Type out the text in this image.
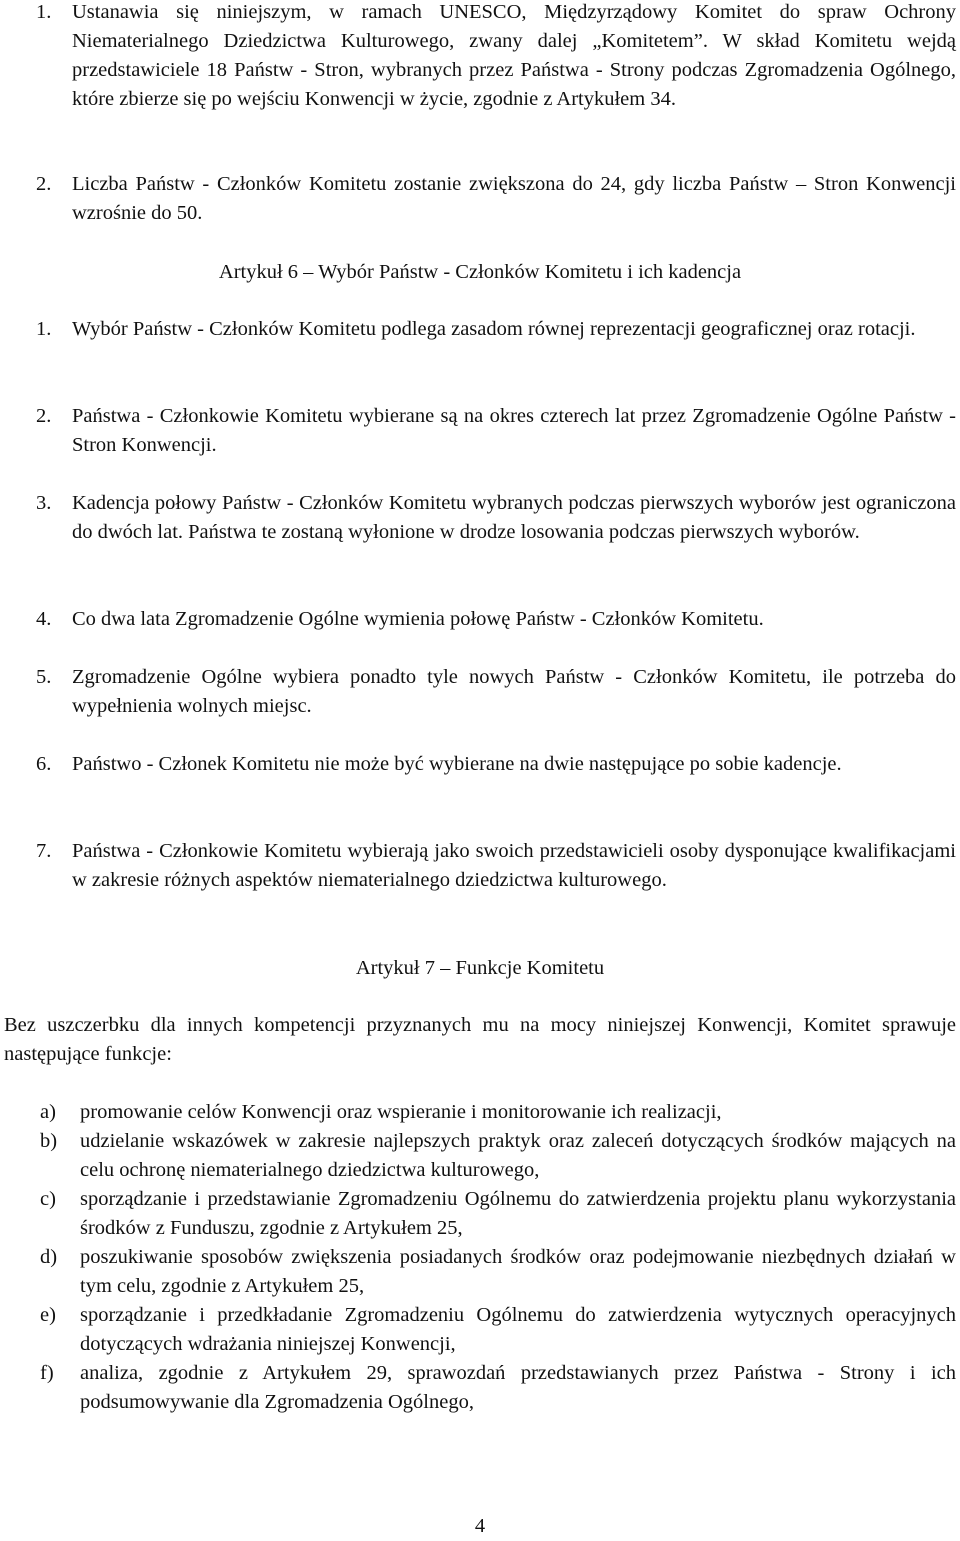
1.	Ustanawia się niniejszym, w ramach UNESCO, Międzyrządowy Komitet do spraw Ochrony Niematerialnego Dziedzictwa Kulturowego, zwany dalej „Komitetem”. W skład Komitetu wejdą przedstawiciele 18 Państw - Stron, wybranych przez Państwa - Strony podczas Zgromadzenia Ogólnego, które zbierze się po wejściu Konwencji w życie, zgodnie z Artykułem 34.
2.	Liczba Państw - Członków Komitetu zostanie zwiększona do 24, gdy liczba Państw – Stron Konwencji wzrośnie do 50.

Artykuł 6 – Wybór Państw - Członków Komitetu i ich kadencja

1.	Wybór Państw - Członków Komitetu podlega zasadom równej reprezentacji geograficznej oraz rotacji.
2.	Państwa - Członkowie Komitetu wybierane są na okres czterech lat przez Zgromadzenie Ogólne Państw - Stron Konwencji.
3.	Kadencja połowy Państw - Członków Komitetu wybranych podczas pierwszych wyborów jest ograniczona do dwóch lat. Państwa te zostaną wyłonione w drodze losowania podczas pierwszych wyborów.
4.	Co dwa lata Zgromadzenie Ogólne wymienia połowę Państw - Członków Komitetu.
5.	Zgromadzenie Ogólne wybiera ponadto tyle nowych Państw - Członków Komitetu, ile potrzeba do wypełnienia wolnych miejsc.
6.	Państwo - Członek Komitetu nie może być wybierane na dwie następujące po sobie kadencje.
7.	Państwa - Członkowie Komitetu wybierają jako swoich przedstawicieli osoby dysponujące kwalifikacjami w zakresie różnych aspektów niematerialnego dziedzictwa kulturowego.

Artykuł 7 – Funkcje Komitetu

Bez uszczerbku dla innych kompetencji przyznanych mu na mocy niniejszej Konwencji, Komitet sprawuje następujące funkcje:

a)	promowanie celów Konwencji oraz wspieranie i monitorowanie ich realizacji,
b)	udzielanie wskazówek w zakresie najlepszych praktyk oraz zaleceń dotyczących środków mających na celu ochronę niematerialnego dziedzictwa kulturowego,
c)	sporządzanie i przedstawianie Zgromadzeniu Ogólnemu do zatwierdzenia projektu planu wykorzystania środków z Funduszu, zgodnie z Artykułem 25,
d)	poszukiwanie sposobów zwiększenia posiadanych środków oraz podejmowanie niezbędnych działań w tym celu, zgodnie z Artykułem 25,
e)	sporządzanie i przedkładanie Zgromadzeniu Ogólnemu do zatwierdzenia wytycznych operacyjnych dotyczących wdrażania niniejszej Konwencji,
f)	analiza, zgodnie z Artykułem 29, sprawozdań przedstawianych przez Państwa - Strony i ich podsumowywanie dla Zgromadzenia Ogólnego,

4
